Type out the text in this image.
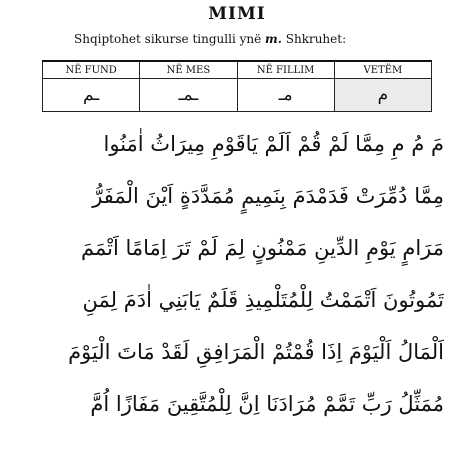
MIMI
Shqiptohet sikurse tingulli ynë m. Shkruhet:
NË FUND	NË MES	NË FILLIM	VETËM
ـم	ـمـ	مـ	م
مَ مُ مِ مِمَّا لَمْ قُمْ اَلَمْ يَاقَوْمِ مِيرَاثُ اٰمَنُوا
مِمَّا دُمِّرَتْ فَدَمْدَمَ بِنَمِيمٍ مُمَدَّدَةٍ اَيْنَ الْمَفَرُّ
مَرَامٍ يَوْمِ الدِّينِ مَمْنُونٍ لِمَ لَمْ تَرَ اِمَامًا اَتْمَمَ
تَمُوتُونَ اَتْمَمْتُ لِلْمُتَلْمِيذِ قَلَمٌ يَابَنِي اٰدَمَ لِمَنِ
اَلْمَالُ اَلْيَوْمَ اِذَا قُمْتُمْ الْمَرَافِقِ لَقَدْ مَاتَ الْيَوْمَ
مُمَثِّلُ رَبِّ تَمَّمْ مُرَادَنَا اِنَّ لِلْمُتَّقِينَ مَفَازًا اُمَّ
